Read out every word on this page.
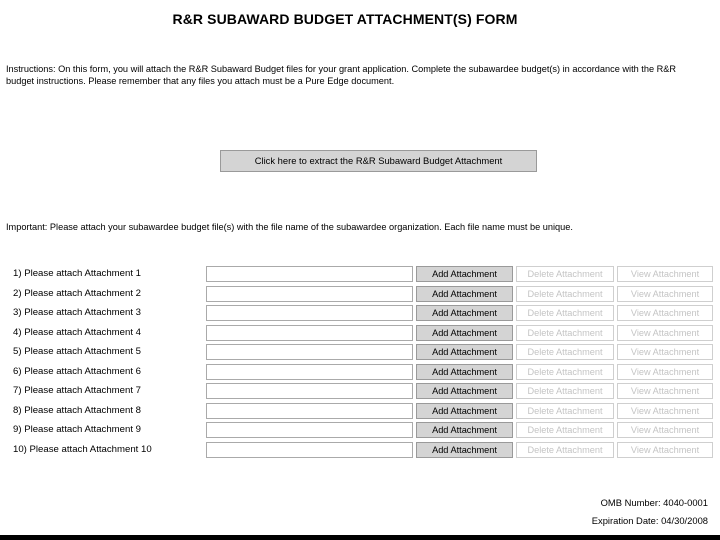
R&R SUBAWARD BUDGET ATTACHMENT(S) FORM
Instructions: On this form, you will attach the R&R Subaward Budget files for your grant application. Complete the subawardee budget(s) in accordance with the R&R budget instructions. Please remember that any files you attach must be a Pure Edge document.
Click here to extract the R&R Subaward Budget Attachment
Important: Please attach your subawardee budget file(s) with the file name of the subawardee organization. Each file name must be unique.
1) Please attach Attachment 1	Add Attachment	Delete Attachment	View Attachment
2) Please attach Attachment 2	Add Attachment	Delete Attachment	View Attachment
3) Please attach Attachment 3	Add Attachment	Delete Attachment	View Attachment
4) Please attach Attachment 4	Add Attachment	Delete Attachment	View Attachment
5) Please attach Attachment 5	Add Attachment	Delete Attachment	View Attachment
6) Please attach Attachment 6	Add Attachment	Delete Attachment	View Attachment
7) Please attach Attachment 7	Add Attachment	Delete Attachment	View Attachment
8) Please attach Attachment 8	Add Attachment	Delete Attachment	View Attachment
9) Please attach Attachment 9	Add Attachment	Delete Attachment	View Attachment
10) Please attach Attachment 10	Add Attachment	Delete Attachment	View Attachment
OMB Number: 4040-0001
Expiration Date: 04/30/2008
